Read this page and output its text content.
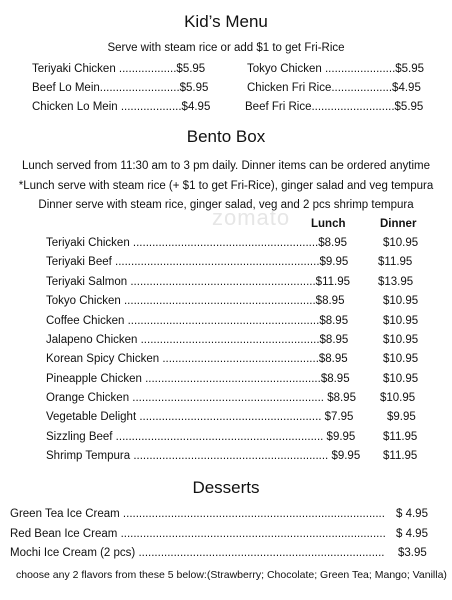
zomato
Kid’s Menu
Serve with steam rice or add $1 to get Fri-Rice
Teriyaki Chicken ..................$5.95
Beef Lo Mein.........................$5.95
Chicken Lo Mein ...................$4.95
Tokyo Chicken ......................$5.95
Chicken Fri Rice...................$4.95
Beef Fri Rice..........................$5.95
Bento Box
Lunch served from 11:30 am to 3 pm daily. Dinner items can be ordered anytime
*Lunch serve with steam rice (+ $1 to get Fri-Rice), ginger salad and veg tempura
Dinner serve with steam rice, ginger salad, veg and 2 pcs shrimp tempura
Lunch	Dinner
Teriyaki Chicken ..........................................................$8.95	$10.95
Teriyaki Beef ................................................................$9.95	$11.95
Teriyaki Salmon ..........................................................$11.95 $13.95
Tokyo Chicken ............................................................$8.95	$10.95
Coffee Chicken ............................................................$8.95	$10.95
Jalapeno Chicken ........................................................$8.95	$10.95
Korean Spicy Chicken .................................................$8.95	$10.95
Pineapple Chicken .......................................................$8.95	$10.95
Orange Chicken ............................................................ $8.95 $10.95
Vegetable Delight ......................................................... $7.95	$9.95
Sizzling Beef ................................................................. $9.95 $11.95
Shrimp Tempura ............................................................. $9.95 $11.95
Desserts
Green Tea Ice Cream .................................................................................. $ 4.95
Red Bean Ice Cream ................................................................................... $ 4.95
Mochi Ice Cream (2 pcs) .............................................................................	$3.95
choose any 2 flavors from these 5 below:(Strawberry; Chocolate; Green Tea; Mango; Vanilla)
